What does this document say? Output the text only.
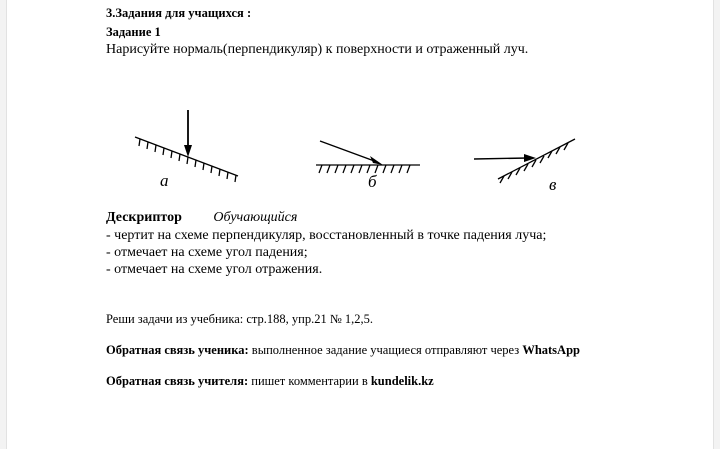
3.Задания для учащихся :
Задание 1
Нарисуйте нормаль(перпендикуляр) к поверхности и отраженный луч.
а	б	в
Дескриптор Обучающийся
- чертит на схеме перпендикуляр, восстановленный в точке падения луча;
- отмечает на схеме угол падения;
- отмечает на схеме угол отражения.
Реши задачи из учебника: стр.188, упр.21 № 1,2,5.
Обратная связь ученика: выполненное задание учащиеся отправляют через WhatsApp
Обратная связь учителя: пишет комментарии в kundelik.kz
